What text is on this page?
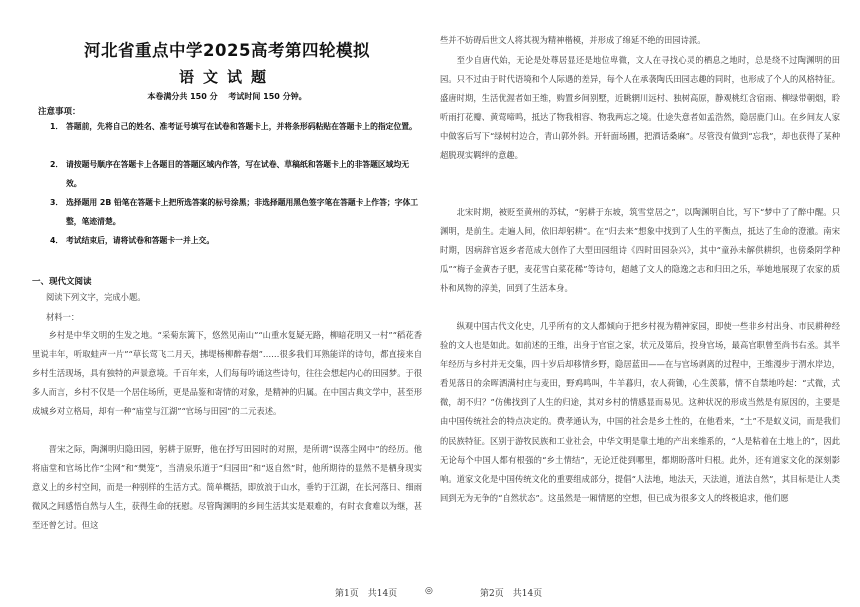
河北省重点中学2025高考第四轮模拟
语文试题
本卷满分共 150 分　 考试时间 150 分钟。
注意事项：
1． 答题前，先将自己的姓名、准考证号填写在试卷和答题卡上，并将条形码粘贴在答题卡上的指定位置。
2． 请按题号顺序在答题卡上各题目的答题区域内作答，写在试卷、草稿纸和答题卡上的非答题区域均无效。
3． 选择题用 2B 铅笔在答题卡上把所选答案的标号涂黑；非选择题用黑色签字笔在答题卡上作答；字体工整，笔迹清楚。
4． 考试结束后，请将试卷和答题卡一并上交。
一、现代文阅读
阅读下列文字，完成小题。
材料一：
乡村是中华文明的生发之地。“采菊东篱下，悠然见南山”“山重水复疑无路，柳暗花明又一村”“稻花香里说丰年，听取蛙声一片”“草长莺飞二月天，拂堤杨柳醉春烟”……很多我们耳熟能详的诗句，都直接来自乡村生活现场，具有独特的声景意境。千百年来，人们每每吟诵这些诗句，往往会想起内心的田园梦。于很多人而言，乡村不仅是一个居住场所，更是品鉴和寄情的对象，是精神的归属。在中国古典文学中，甚至形成城乡对立格局，却有一种“庙堂与江湖”“官场与田园”的二元表述。
晋宋之际，陶渊明归隐田园，躬耕于原野，他在抒写田园时的对照，是所谓“误落尘网中”的经历。他将庙堂和官场比作“尘网”和“樊笼”，当清泉乐道于“归园田”和“返自然”时，他所期待的显然不是栖身现实意义上的乡村空间，而是一种别样的生活方式。简单概括，即放浪于山水，垂钓于江湖，在长河落日、细雨微风之间感悟自然与人生，获得生命的抚慰。尽管陶渊明的乡间生活其实是艰难的，有时衣食难以为继，甚至还曾乞讨。但这
些并不妨碍后世文人将其视为精神楷模，并形成了绵延不绝的田园诗派。
至少自唐代始，无论是处尊居显还是地位卑微，文人在寻找心灵的栖息之地时，总是绕不过陶渊明的田园。只不过由于时代语境和个人际遇的差异，每个人在承袭陶氏田园志趣的同时，也形成了个人的风格特征。盛唐时期，生活优渥者如王维，购置乡间别墅，近眺辋川远村、独树高原，静观桃红含宿雨、柳绿带朝烟，聆听雨打花瓣、黄莺啼鸣，抵达了物我相容、物我两忘之境。仕途失意者如孟浩然，隐居鹿门山。在乡间友人家中做客后写下“绿树村边合，青山郭外斜。开轩面场圃，把酒话桑麻”。尽管没有做到“忘我”，却也获得了某种超脱现实羁绊的意趣。
北宋时期，被贬至黄州的苏轼，“躬耕于东坡，筑雪堂居之”，以陶渊明自比，写下“梦中了了醉中醒。只渊明，是前生。走遍人间，依旧却躬耕”。在“归去来”想象中找到了人生的平衡点，抵达了生命的澄澈。南宋时期，因病辞官返乡者范成大创作了大型田园组诗《四时田园杂兴》，其中“童孙未解供耕织，也傍桑阴学种瓜”“梅子金黄杏子肥，麦花雪白菜花稀”等诗句，超越了文人的隐逸之志和归田之乐，举她地展现了农家的质朴和风物的淳美，回到了生活本身。
纵观中国古代文化史，几乎所有的文人都倾向于把乡村视为精神家园，即使一些非乡村出身、市民耕种经验的文人也是如此。如前述的王维，出身于官宦之家，状元及第后，投身官场，最高官职曾至尚书右丞。其半年经历与乡村并无交集，四十岁后却移情乡野，隐居蓝田——在与官场剥离的过程中，王维漫步于渭水岸边，看见落日的余晖洒满村庄与麦田，野鸡鸣叫，牛羊暮归，农人荷锄，心生羡慕，情不自禁地吟起：“式微，式微，胡不归？”仿佛找到了人生的归途，其对乡村的情感显而易见。这种状况的形成当然是有原因的，主要是由中国传统社会的特点决定的。费孝通认为，中国的社会是乡土性的，在他看来，“土”不是蚁义词，而是我们的民族特征。区别于游牧民族和工业社会，中华文明是靠土地的产出来维系的，“人是粘着在土地上的”，因此无论每个中国人都有根强的“乡土情结”，无论迁徙到哪里，都期盼落叶归根。此外，还有道家文化的深刻影响。道家文化是中国传统文化的重要组成部分，提倡“人法地，地法天，天法道，道法自然”，其目标是让人类回到无为无争的“自然状态”。这虽然是一厢情愿的空想，但已成为很多文人的终极追求，他们愿
第1页　共14页	◎	第2页　共14页
